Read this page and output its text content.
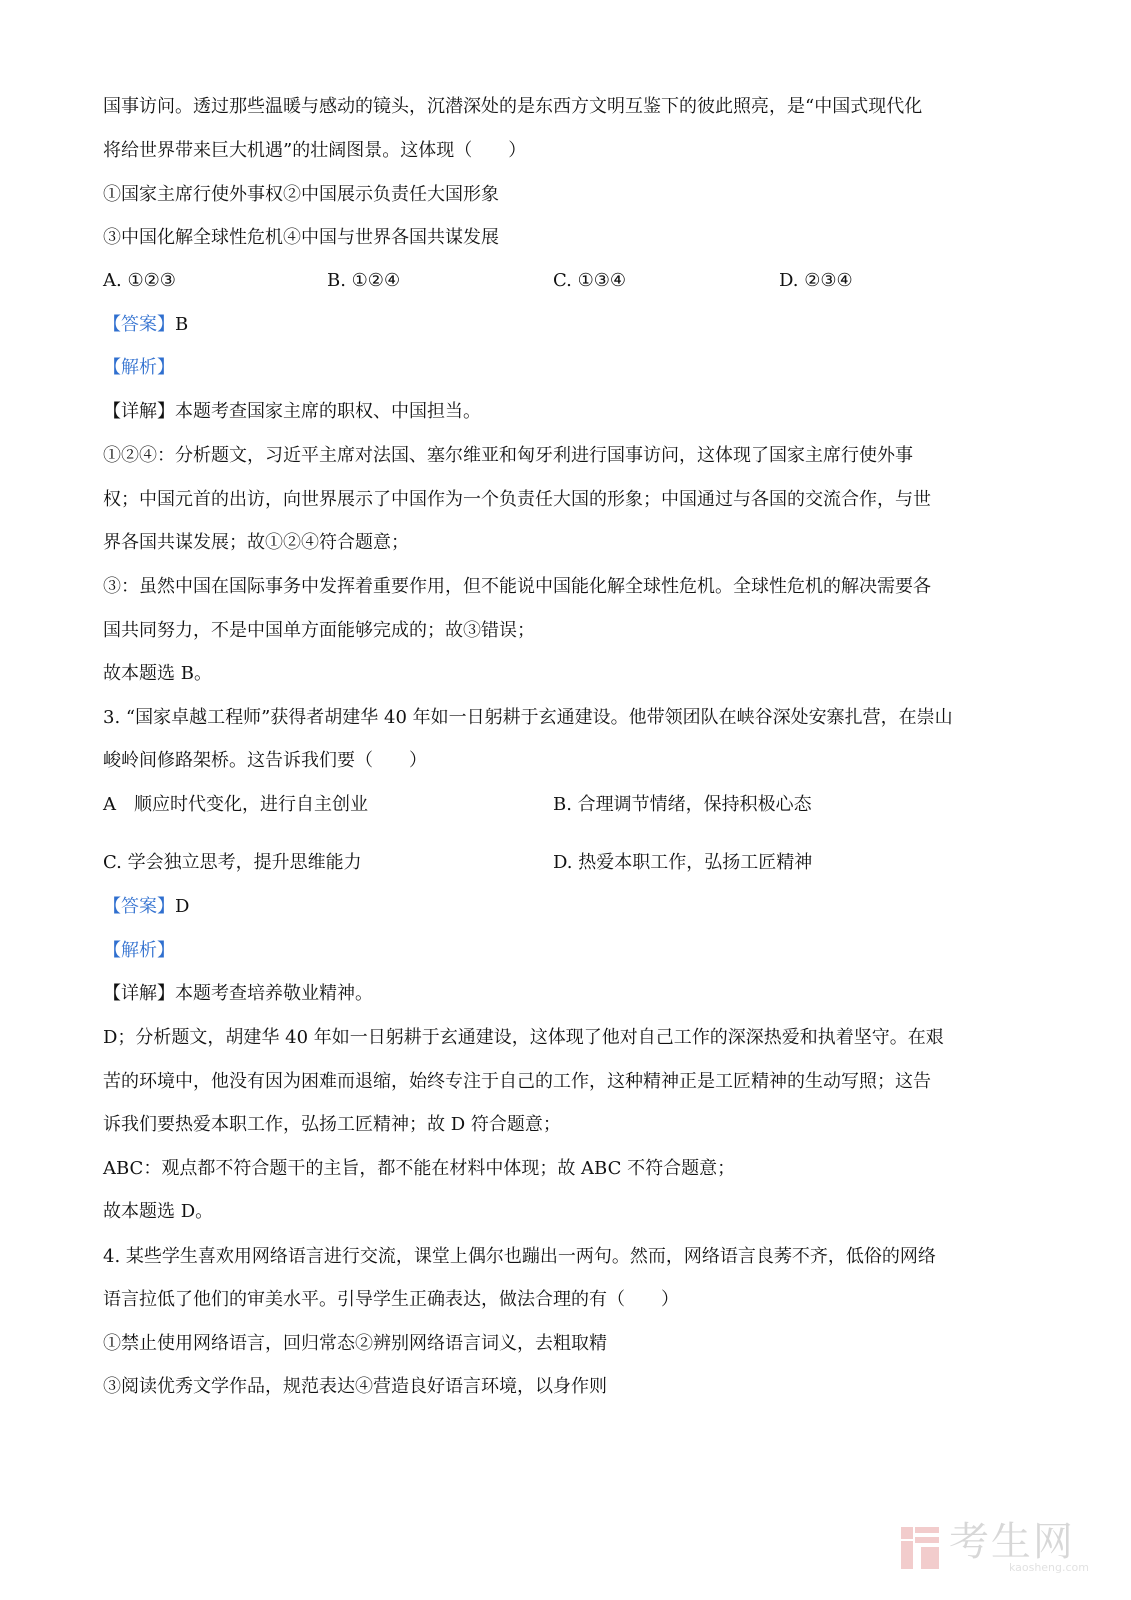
国事访问。透过那些温暖与感动的镜头，沉潜深处的是东西方文明互鉴下的彼此照亮，是“中国式现代化
将给世界带来巨大机遇”的壮阔图景。这体现（　　）
①国家主席行使外事权②中国展示负责任大国形象
③中国化解全球性危机④中国与世界各国共谋发展
A. ①②③	B. ①②④	C. ①③④	D. ②③④
【答案】B
【解析】
【详解】本题考查国家主席的职权、中国担当。
①②④：分析题文，习近平主席对法国、塞尔维亚和匈牙利进行国事访问，这体现了国家主席行使外事
权；中国元首的出访，向世界展示了中国作为一个负责任大国的形象；中国通过与各国的交流合作，与世
界各国共谋发展；故①②④符合题意；
③：虽然中国在国际事务中发挥着重要作用，但不能说中国能化解全球性危机。全球性危机的解决需要各
国共同努力，不是中国单方面能够完成的；故③错误；
故本题选 B。
3. “国家卓越工程师”获得者胡建华 40 年如一日躬耕于玄通建设。他带领团队在峡谷深处安寨扎营，在崇山
峻岭间修路架桥。这告诉我们要（　　）
A　顺应时代变化，进行自主创业	B. 合理调节情绪，保持积极心态
C. 学会独立思考，提升思维能力	D. 热爱本职工作，弘扬工匠精神
【答案】D
【解析】
【详解】本题考查培养敬业精神。
D；分析题文，胡建华 40 年如一日躬耕于玄通建设，这体现了他对自己工作的深深热爱和执着坚守。在艰
苦的环境中，他没有因为困难而退缩，始终专注于自己的工作，这种精神正是工匠精神的生动写照；这告
诉我们要热爱本职工作，弘扬工匠精神；故 D 符合题意；
ABC：观点都不符合题干的主旨，都不能在材料中体现；故 ABC 不符合题意；
故本题选 D。
4. 某些学生喜欢用网络语言进行交流，课堂上偶尔也蹦出一两句。然而，网络语言良莠不齐，低俗的网络
语言拉低了他们的审美水平。引导学生正确表达，做法合理的有（　　）
①禁止使用网络语言，回归常态②辨别网络语言词义，去粗取精
③阅读优秀文学作品，规范表达④营造良好语言环境，以身作则
考生网
kaosheng.com
